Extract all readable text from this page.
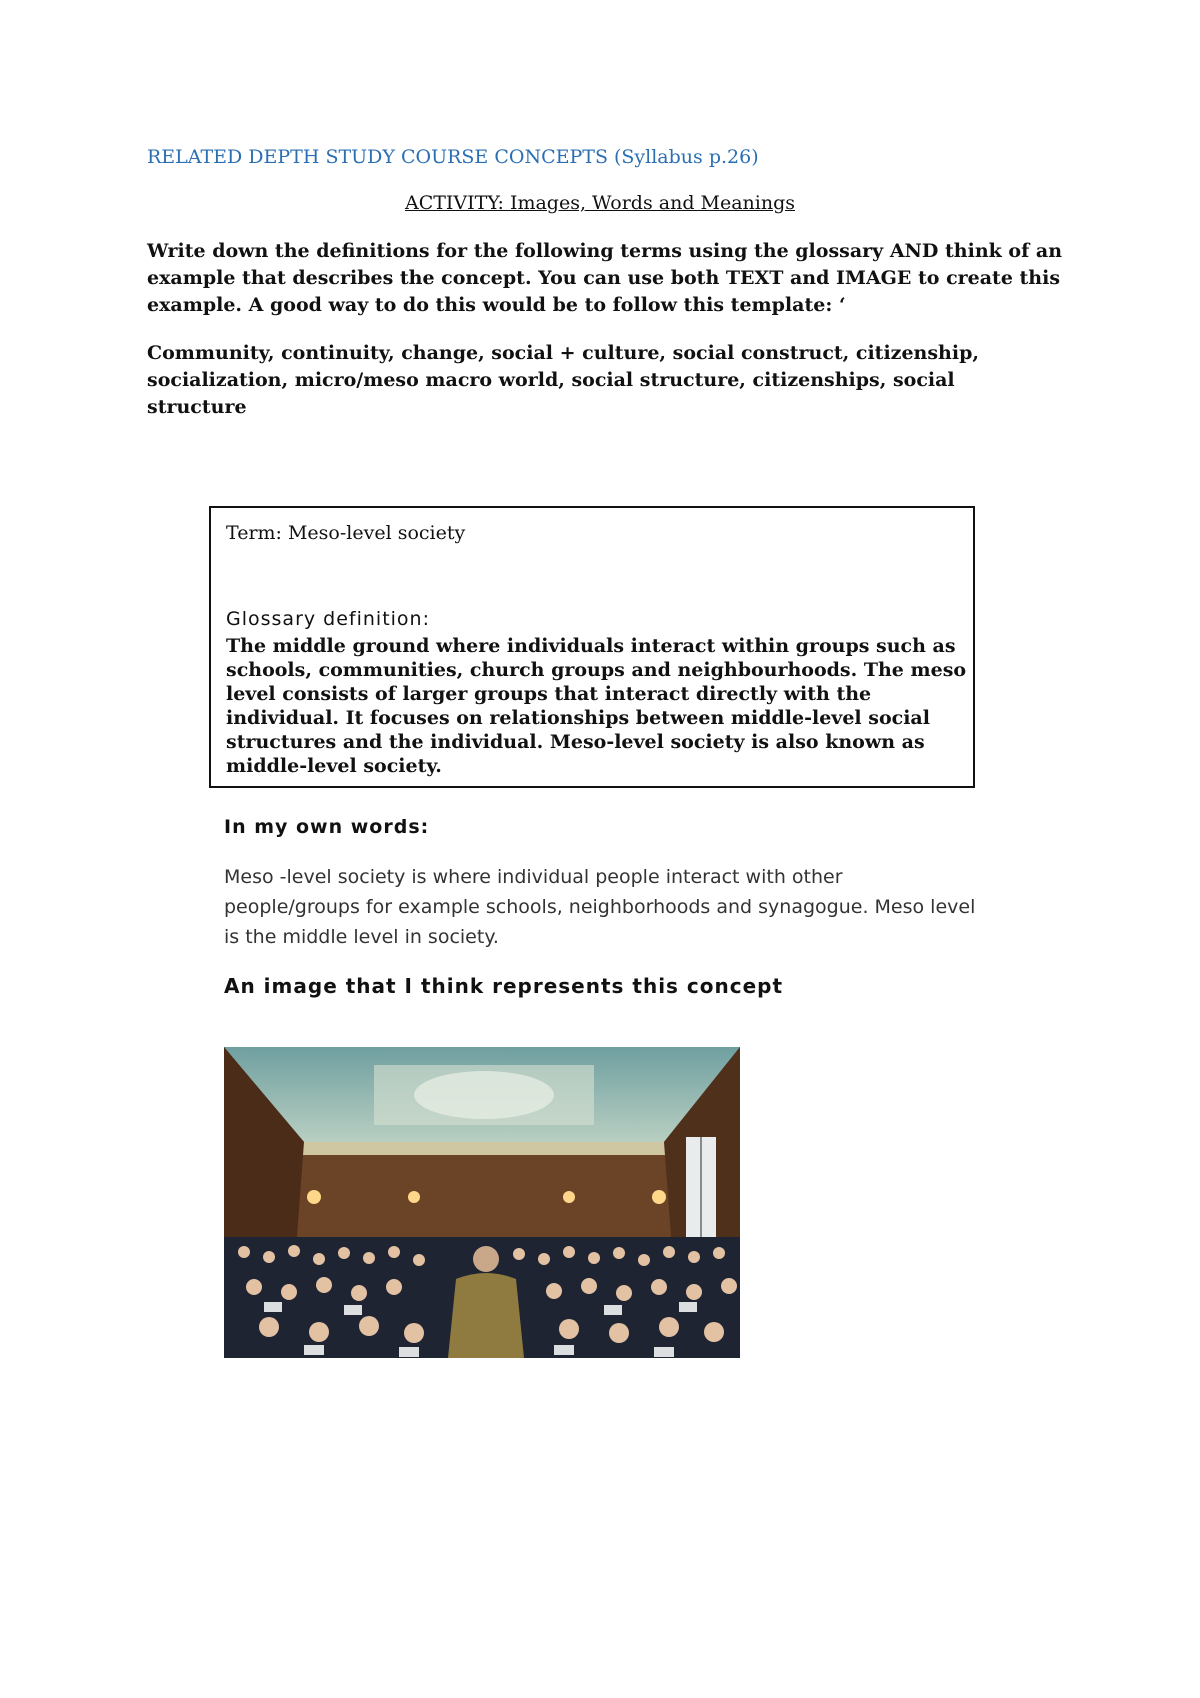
RELATED DEPTH STUDY COURSE CONCEPTS (Syllabus p.26)
ACTIVITY: Images, Words and Meanings
Write down the definitions for the following terms using the glossary AND think of an example that describes the concept. You can use both TEXT and IMAGE to create this example. A good way to do this would be to follow this template: ‘
Community, continuity, change, social + culture, social construct, citizenship, socialization, micro/meso macro world, social structure, citizenships, social structure
Term: Meso-level society
Glossary definition:
The middle ground where individuals interact within groups such as schools, communities, church groups and neighbourhoods. The meso level consists of larger groups that interact directly with the individual. It focuses on relationships between middle-level social structures and the individual. Meso-level society is also known as middle-level society.
In my own words:
Meso -level society is where individual people interact with other people/groups for example schools, neighborhoods and synagogue. Meso level is the middle level in society.
An image that I think represents this concept
